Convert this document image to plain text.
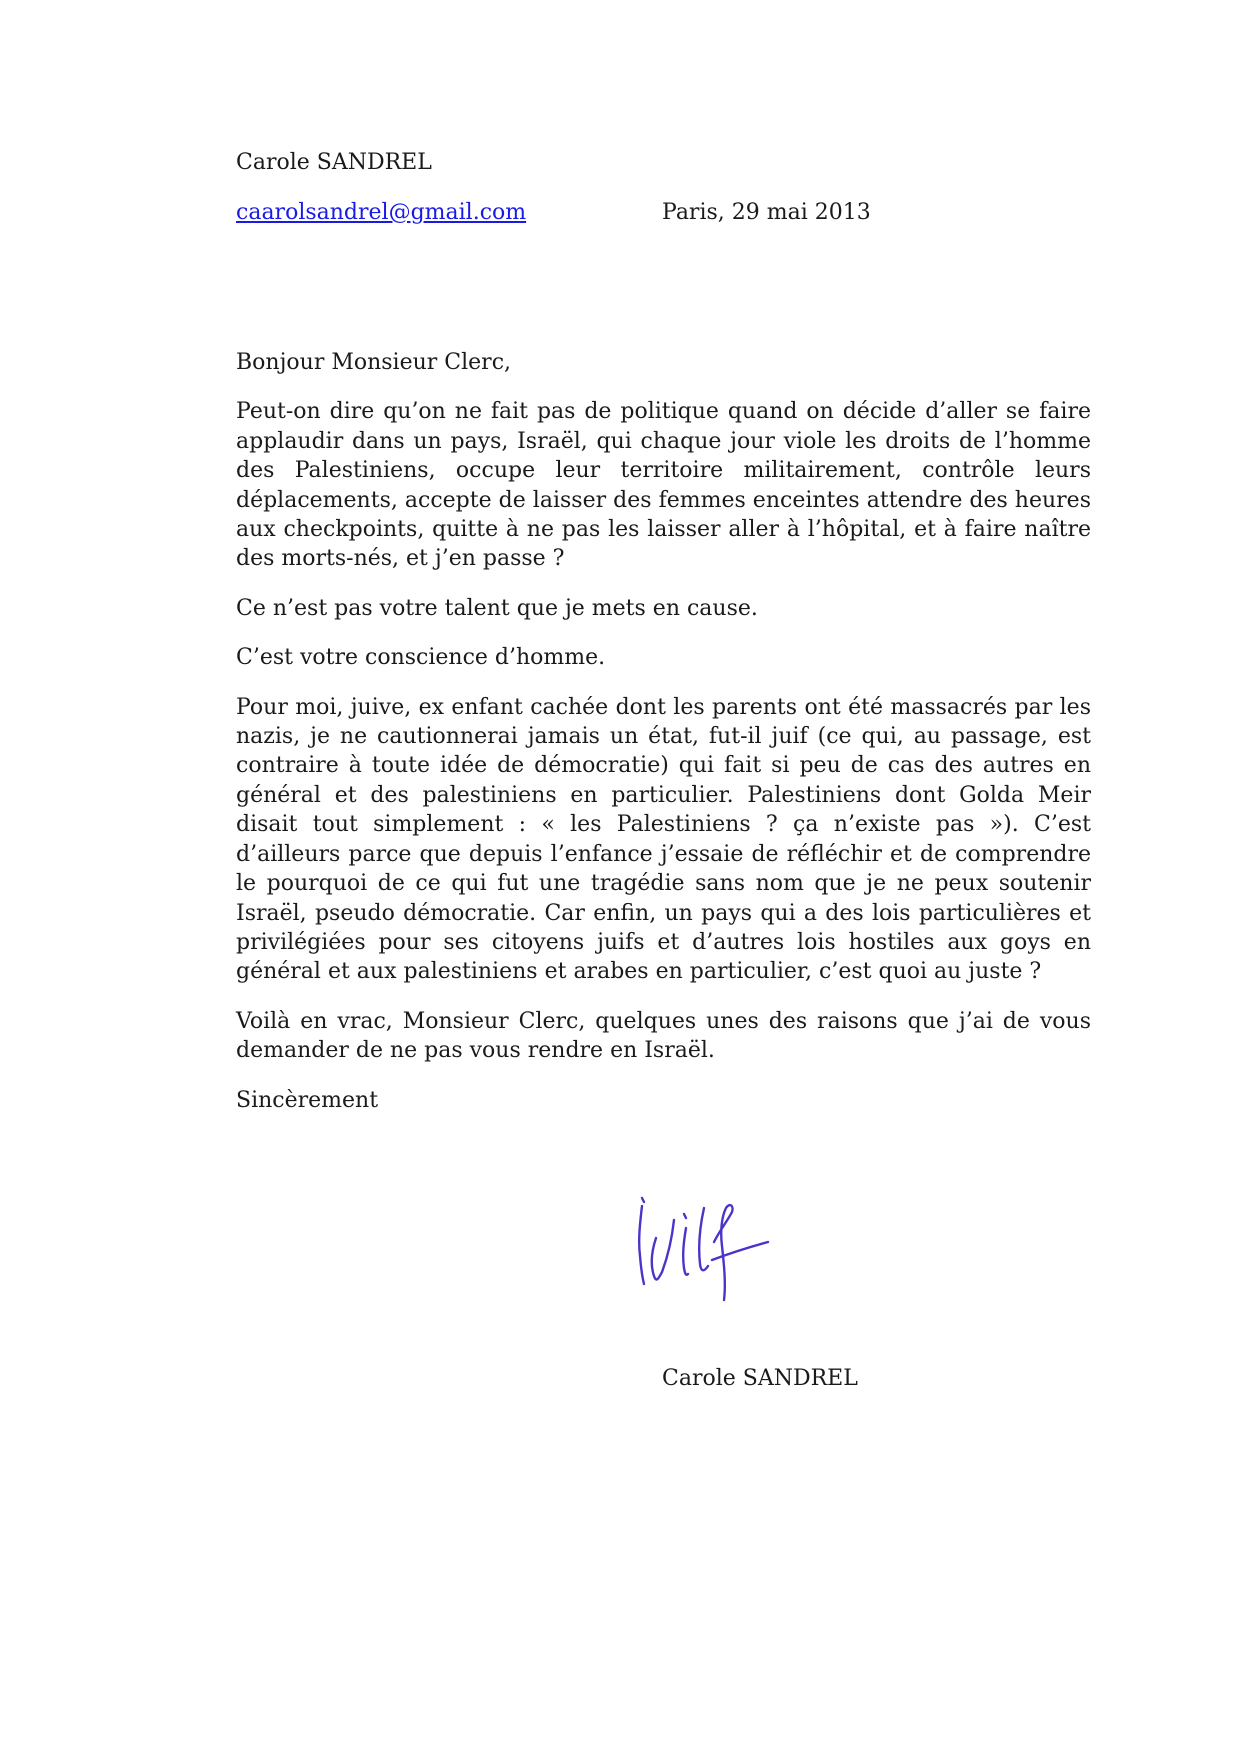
Carole SANDREL
caarolsandrel@gmail.com	Paris, 29 mai 2013

Bonjour Monsieur Clerc,

Peut-on dire qu’on ne fait pas de politique quand on décide d’aller se faire applaudir dans un pays, Israël, qui chaque jour viole les droits de l’homme des Palestiniens, occupe leur territoire militairement, contrôle leurs déplacements, accepte de laisser des femmes enceintes attendre des heures aux checkpoints, quitte à ne pas les laisser aller à l’hôpital, et à faire naître des morts-nés, et j’en passe ?

Ce n’est pas votre talent que je mets en cause.

C’est votre conscience d’homme.

Pour moi, juive, ex enfant cachée dont les parents ont été massacrés par les nazis, je ne cautionnerai jamais un état, fut-il juif (ce qui, au passage, est contraire à toute idée de démocratie) qui fait si peu de cas des autres en général et des palestiniens en particulier. Palestiniens dont Golda Meir disait tout simplement : « les Palestiniens ? ça n’existe pas »). C’est d’ailleurs parce que depuis l’enfance j’essaie de réfléchir et de comprendre le pourquoi de ce qui fut une tragédie sans nom que je ne peux soutenir Israël, pseudo démocratie. Car enfin, un pays qui a des lois particulières et privilégiées pour ses citoyens juifs et d’autres lois hostiles aux goys en général et aux palestiniens et arabes en particulier, c’est quoi au juste ?

Voilà en vrac, Monsieur Clerc, quelques unes des raisons que j’ai de vous demander de ne pas vous rendre en Israël.

Sincèrement

Carole SANDREL
